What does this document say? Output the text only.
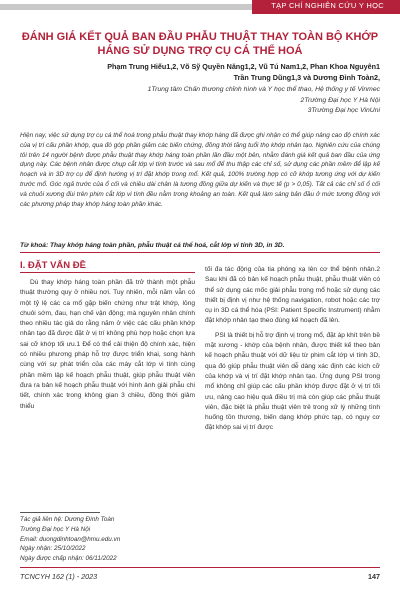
TẠP CHÍ NGHIÊN CỨU Y HỌC
ĐÁNH GIÁ KẾT QUẢ BAN ĐẦU PHẪU THUẬT THAY TOÀN BỘ KHỚP HÁNG SỬ DỤNG TRỢ CỤ CÁ THỂ HOÁ
Phạm Trung Hiếu1,2, Võ Sỹ Quyền Năng1,2, Vũ Tú Nam1,2, Phan Khoa Nguyên1
Trần Trung Dũng1,3 và Dương Đình Toàn2,
1Trung tâm Chấn thương chỉnh hình và Y học thể thao, Hệ thống y tế Vinmec
2Trường Đại học Y Hà Nội
3Trường Đại học VinUni
Hiện nay, việc sử dụng trợ cụ cá thể hoá trong phẫu thuật thay khớp háng đã được ghi nhận có thể giúp nâng cao độ chính xác của vị trí cấu phần khớp, qua đó góp phần giảm các biến chứng, đồng thời tăng tuổi thọ khớp nhân tạo. Nghiên cứu của chúng tôi trên 14 người bệnh được phẫu thuật thay khớp háng toàn phần lần đầu một bên, nhằm đánh giá kết quả ban đầu của ứng dụng này. Các bệnh nhân được chụp cắt lớp vi tính trước và sau mổ để thu thập các chỉ số, sử dụng các phần mềm để lập kế hoạch và in 3D trợ cụ để định hướng vị trí đặt khớp trong mổ. Kết quả, 100% trường hợp có cỡ khớp tương ứng với dự kiến trước mổ. Góc ngả trước của ổ cối và chiều dài chân là tương đồng giữa dự kiến và thực tế (p > 0,05). Tất cả các chỉ số ổ cối và chuỏi xương đùi trên phim cắt lớp vi tính đều nằm trong khoảng an toàn. Kết quả làm sáng bản đầu ở mức tương đồng với các phương pháp thay khớp háng toàn phần khác.
Từ khoá: Thay khớp háng toàn phần, phẫu thuật cá thể hoá, cắt lớp vi tính 3D, in 3D.
I. ĐẶT VẤN ĐỀ

Dù thay khớp háng toàn phần đã trở thành một phẫu thuật thường quy ở nhiều nơi. Tuy nhiên, mỗi năm vẫn có một tỷ lệ các ca mổ gặp biến chứng như trật khớp, lỏng chuôi sớm, đau, hạn chế vận động; mà nguyên nhân chính theo nhiều tác giả do rằng năm ở việc các cấu phần khớp nhân tạo đã được đặt ở vị trí không phù hợp hoặc chọn lựa sai cỡ khớp tối ưu.1 Để có thể cải thiện độ chính xác, hiện có nhiều phương pháp hỗ trợ được triển khai, song hành cùng với sự phát triển của các máy cắt lớp vi tính cùng phần mềm lập kế hoạch phẫu thuật, giúp phẫu thuật viên đưa ra bản kế hoạch phẫu thuật với hình ảnh giải phẫu chi tiết, chính xác trong không gian 3 chiều, đồng thời giảm thiểu

tối đa tác động của tia phóng xạ lên cơ thể bệnh nhân.2 Sau khi đã có bản kế hoạch phẫu thuật, phẫu thuật viên có thể sử dụng các mốc giải phẫu trong mổ hoặc sử dụng các thiết bị định vị như hệ thống navigation, robot hoặc các trợ cụ in 3D cá thể hóa (PSI: Patient Specific Instrument) nhằm đặt khớp nhân tạo theo đúng kế hoạch đã lên.

PSI là thiết bị hỗ trợ định vị trong mổ, đặt áp khít trên bề mặt xương - khớp của bệnh nhân, được thiết kế theo bản kế hoạch phẫu thuật với dữ liệu từ phim cắt lớp vi tính 3D, qua đó giúp phẫu thuật viên dễ dàng xác định các kích cỡ của khớp và vị trí đặt khớp nhân tạo. Ứng dụng PSI trong mổ không chỉ giúp các cấu phần khớp được đặt ở vị trí tối ưu, nâng cao hiệu quả điều trị mà còn giúp các phẫu thuật viên, đặc biệt là phẫu thuật viên trẻ trong xử lý những tình huống tồn thương, biến dạng khớp phức tạp, có nguy cơ đặt khớp sai vị trí được

Tác giả liên hệ: Dương Đình Toàn
Trường Đại học Y Hà Nội
Email: duongdinhtoan@hmu.edu.vn
Ngày nhận: 25/10/2022
Ngày được chấp nhận: 06/11/2022
TCNCYH 162 (1) - 2023	147
